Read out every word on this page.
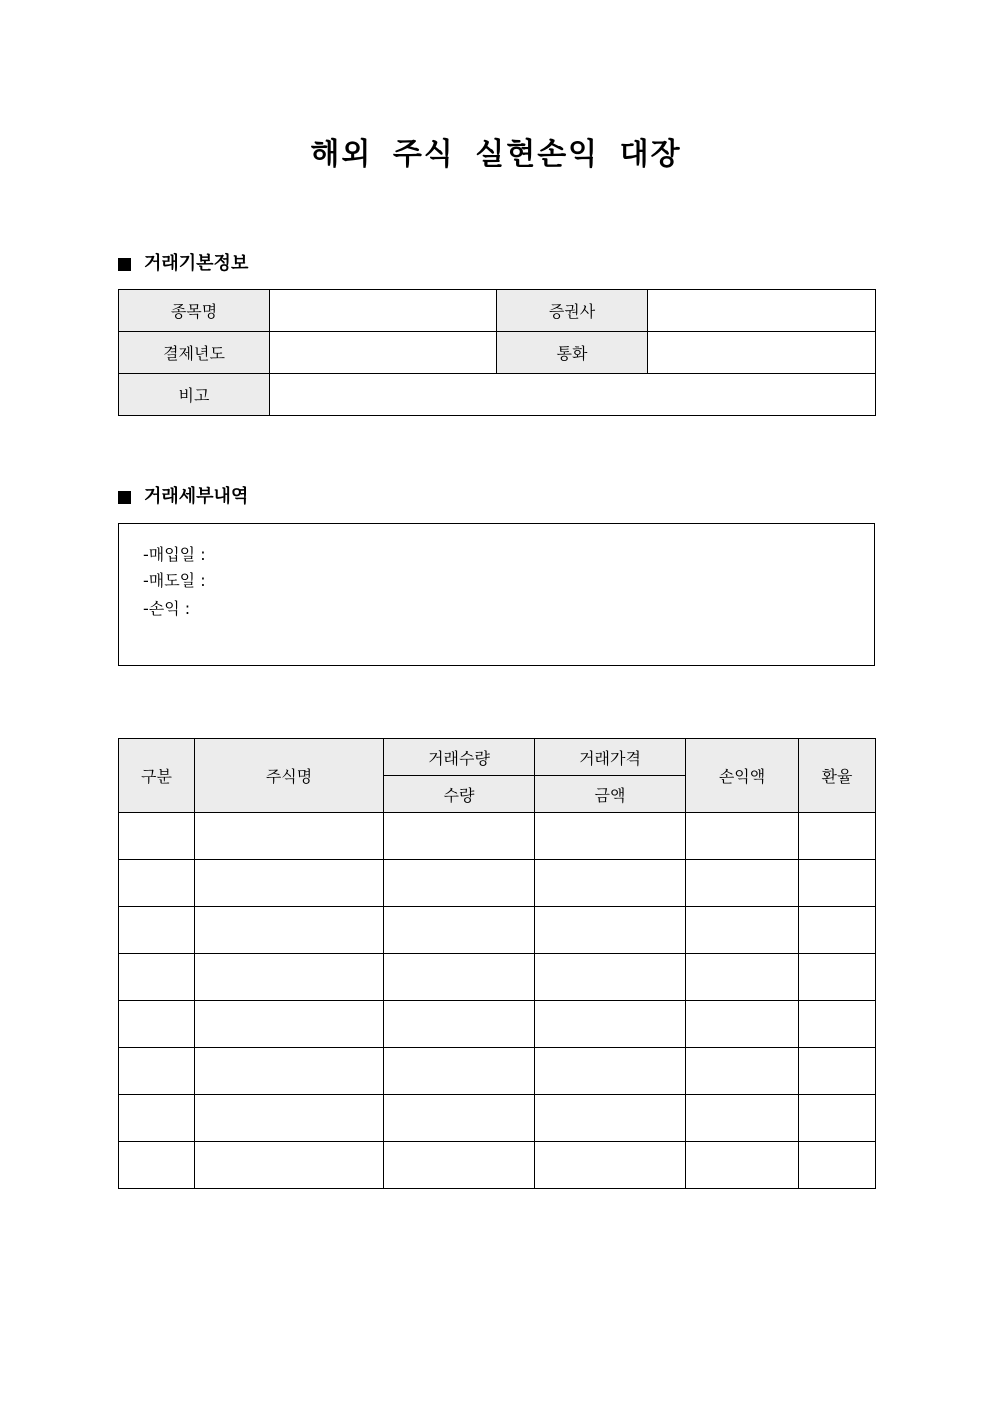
해외 주식 실현손익 대장
거래기본정보
종목명		증권사	
결제년도		통화	
비고			
거래세부내역
-매입일 :
-매도일 :
-손익 :
구분	주식명	거래수량	거래가격	손익액	환율
		수량	금액		
